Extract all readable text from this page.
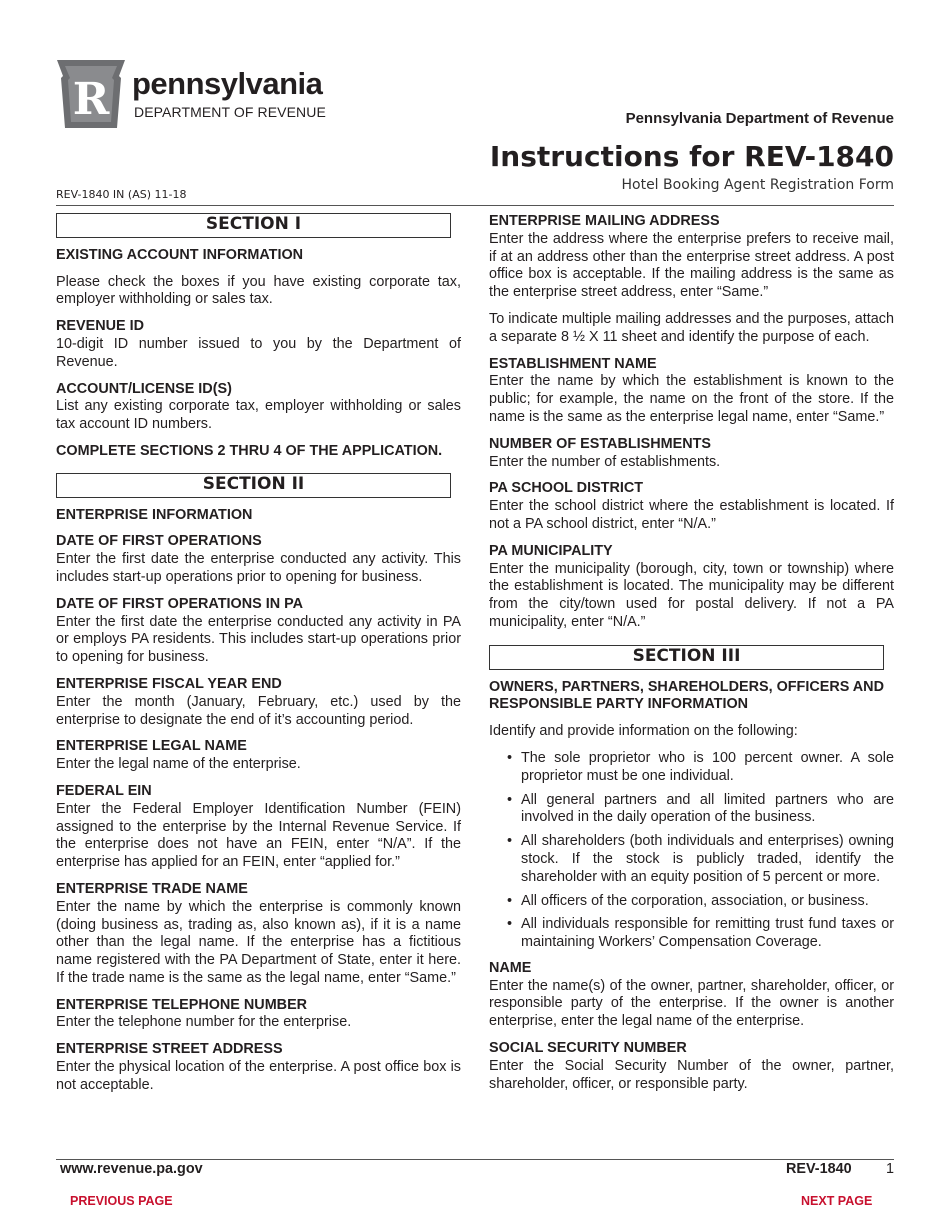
R pennsylvania
DEPARTMENT OF REVENUE	Pennsylvania Department of Revenue
Instructions for REV-1840
Hotel Booking Agent Registration Form
REV-1840 IN (AS) 11-18
SECTION I

EXISTING ACCOUNT INFORMATION

Please check the boxes if you have existing corporate tax, employer withholding or sales tax.

REVENUE ID

10-digit ID number issued to you by the Department of Revenue.

ACCOUNT/LICENSE ID(S)

List any existing corporate tax, employer withholding or sales tax account ID numbers.

COMPLETE SECTIONS 2 THRU 4 OF THE APPLICATION.

SECTION II

ENTERPRISE INFORMATION

DATE OF FIRST OPERATIONS

Enter the first date the enterprise conducted any activity. This includes start-up operations prior to opening for business.

DATE OF FIRST OPERATIONS IN PA

Enter the first date the enterprise conducted any activity in PA or employs PA residents. This includes start-up operations prior to opening for business.

ENTERPRISE FISCAL YEAR END

Enter the month (January, February, etc.) used by the enterprise to designate the end of it’s accounting period.

ENTERPRISE LEGAL NAME

Enter the legal name of the enterprise.

FEDERAL EIN

Enter the Federal Employer Identification Number (FEIN) assigned to the enterprise by the Internal Revenue Service. If the enterprise does not have an FEIN, enter “N/A”. If the enterprise has applied for an FEIN, enter “applied for.”

ENTERPRISE TRADE NAME

Enter the name by which the enterprise is commonly known (doing business as, trading as, also known as), if it is a name other than the legal name. If the enterprise has a fictitious name registered with the PA Department of State, enter it here. If the trade name is the same as the legal name, enter “Same.”

ENTERPRISE TELEPHONE NUMBER

Enter the telephone number for the enterprise.

ENTERPRISE STREET ADDRESS

Enter the physical location of the enterprise. A post office box is not acceptable.

ENTERPRISE MAILING ADDRESS

Enter the address where the enterprise prefers to receive mail, if at an address other than the enterprise street address. A post office box is acceptable. If the mailing address is the same as the enterprise street address, enter “Same.”

To indicate multiple mailing addresses and the purposes, attach a separate 8 ½ X 11 sheet and identify the purpose of each.

ESTABLISHMENT NAME

Enter the name by which the establishment is known to the public; for example, the name on the front of the store. If the name is the same as the enterprise legal name, enter “Same.”

NUMBER OF ESTABLISHMENTS

Enter the number of establishments.

PA SCHOOL DISTRICT

Enter the school district where the establishment is located. If not a PA school district, enter “N/A.”

PA MUNICIPALITY

Enter the municipality (borough, city, town or township) where the establishment is located. The municipality may be different from the city/town used for postal delivery. If not a PA municipality, enter “N/A.”

SECTION III

OWNERS, PARTNERS, SHAREHOLDERS, OFFICERS AND RESPONSIBLE PARTY INFORMATION

Identify and provide information on the following:

• The sole proprietor who is 100 percent owner. A sole proprietor must be one individual.
• All general partners and all limited partners who are involved in the daily operation of the business.
• All shareholders (both individuals and enterprises) owning stock. If the stock is publicly traded, identify the shareholder with an equity position of 5 percent or more.
• All officers of the corporation, association, or business.
• All individuals responsible for remitting trust fund taxes or maintaining Workers’ Compensation Coverage.

NAME

Enter the name(s) of the owner, partner, shareholder, officer, or responsible party of the enterprise. If the owner is another enterprise, enter the legal name of the enterprise.

SOCIAL SECURITY NUMBER

Enter the Social Security Number of the owner, partner, shareholder, officer, or responsible party.

www.revenue.pa.gov	REV-1840 1
PREVIOUS PAGE	NEXT PAGE
